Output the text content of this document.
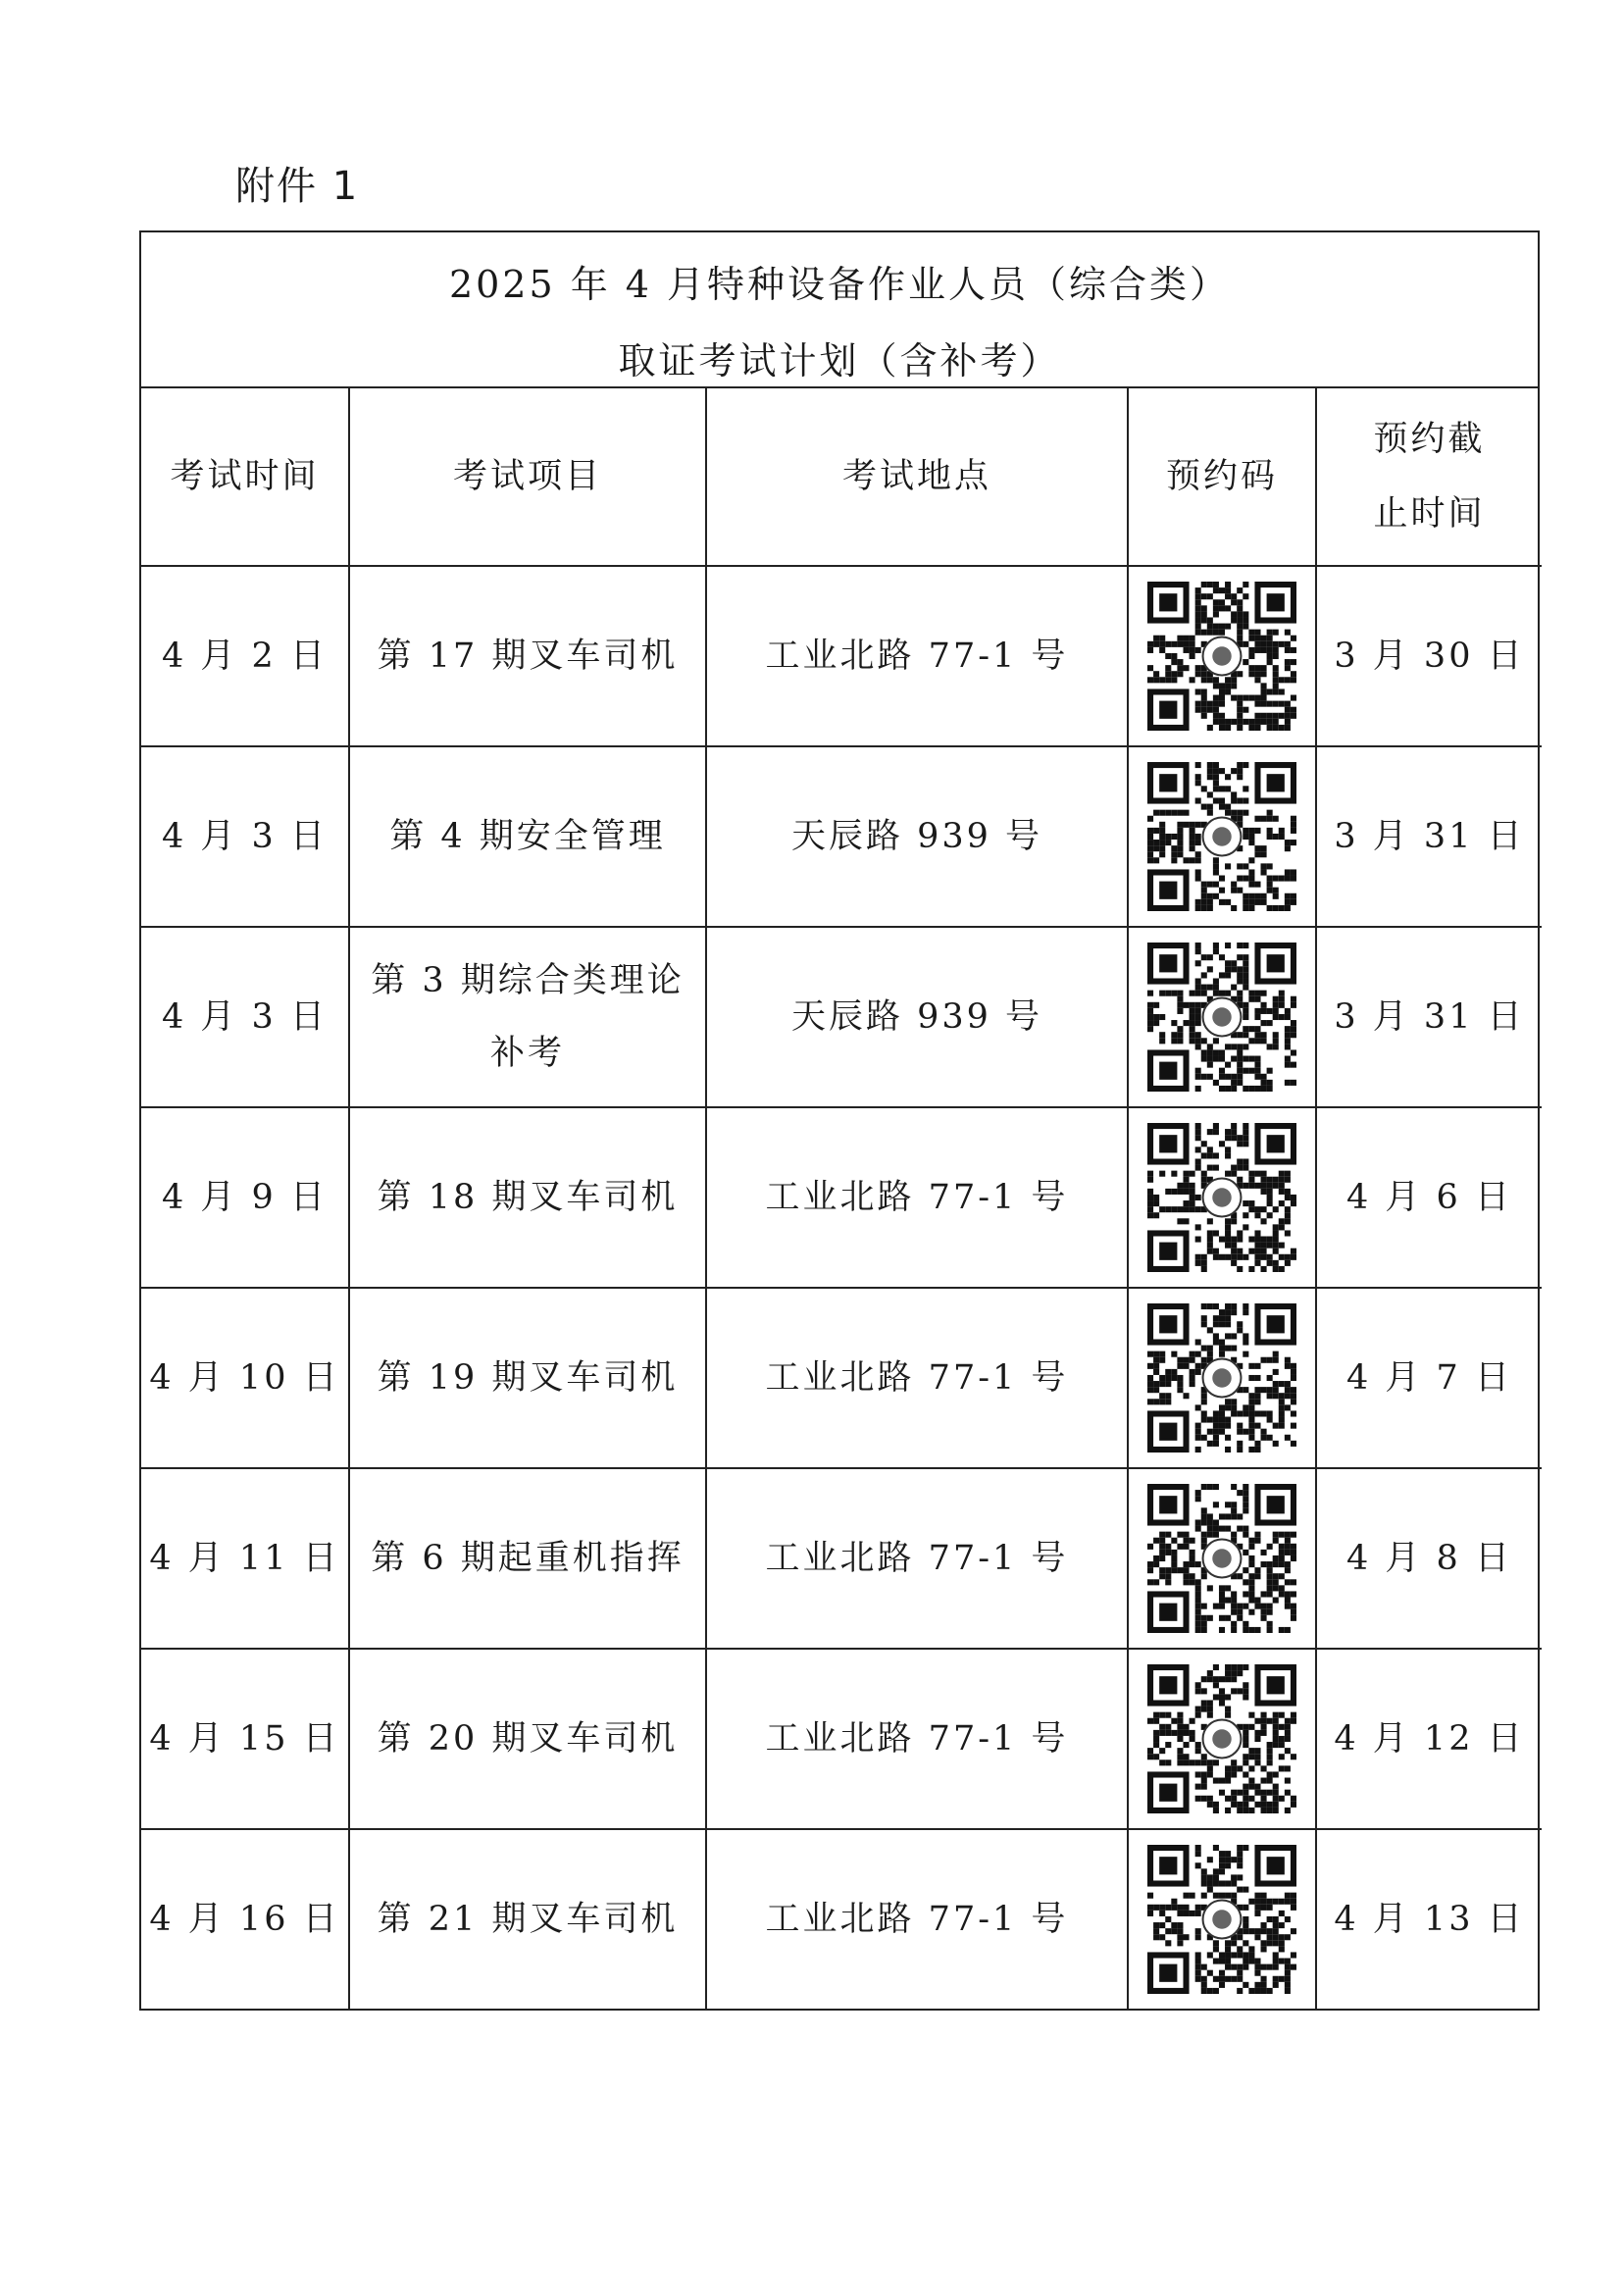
附件 1
2025 年 4 月特种设备作业人员（综合类）
取证考试计划（含补考）
考试时间	考试项目	考试地点	预约码	预约截
止时间

4 月 2 日	第 17 期叉车司机	工业北路 77-1 号		3 月 30 日
4 月 3 日	第 4 期安全管理	天辰路 939 号		3 月 31 日
4 月 3 日	第 3 期综合类理论
补考	天辰路 939 号		3 月 31 日
4 月 9 日	第 18 期叉车司机	工业北路 77-1 号		4 月 6 日
4 月 10 日	第 19 期叉车司机	工业北路 77-1 号		4 月 7 日
4 月 11 日	第 6 期起重机指挥	工业北路 77-1 号		4 月 8 日
4 月 15 日	第 20 期叉车司机	工业北路 77-1 号		4 月 12 日
4 月 16 日	第 21 期叉车司机	工业北路 77-1 号		4 月 13 日
